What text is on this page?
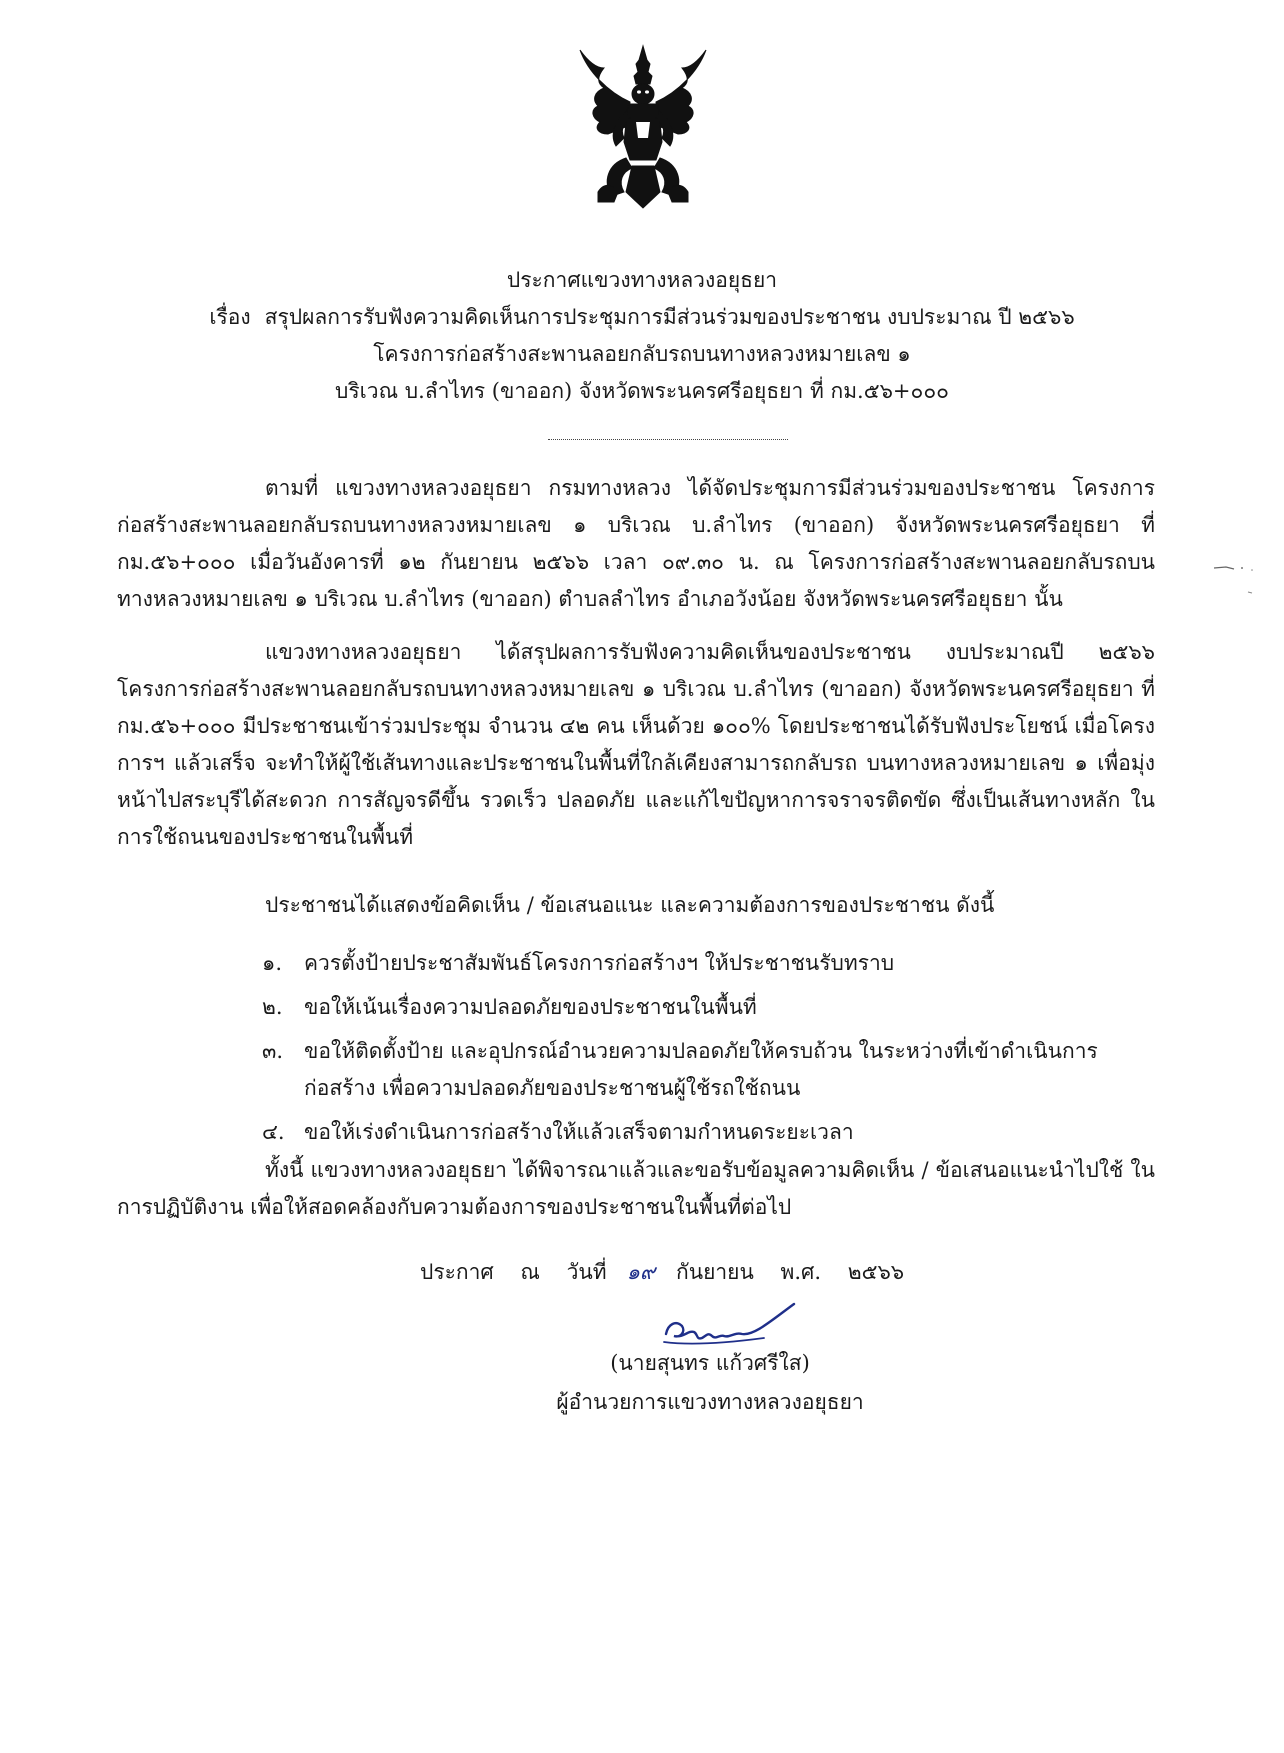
ประกาศแขวงทางหลวงอยุธยา
เรื่อง สรุปผลการรับฟังความคิดเห็นการประชุมการมีส่วนร่วมของประชาชน งบประมาณ ปี ๒๕๖๖
โครงการก่อสร้างสะพานลอยกลับรถบนทางหลวงหมายเลข ๑
บริเวณ บ.ลำไทร (ขาออก) จังหวัดพระนครศรีอยุธยา ที่ กม.๕๖+๐๐๐
ตามที่ แขวงทางหลวงอยุธยา กรมทางหลวง ได้จัดประชุมการมีส่วนร่วมของประชาชน โครงการก่อสร้างสะพานลอยกลับรถบนทางหลวงหมายเลข ๑ บริเวณ บ.ลำไทร (ขาออก) จังหวัดพระนครศรีอยุธยา ที่ กม.๕๖+๐๐๐ เมื่อวันอังคารที่ ๑๒ กันยายน ๒๕๖๖ เวลา ๐๙.๓๐ น. ณ โครงการก่อสร้างสะพานลอยกลับรถบนทางหลวงหมายเลข ๑ บริเวณ บ.ลำไทร (ขาออก) ตำบลลำไทร อำเภอวังน้อย จังหวัดพระนครศรีอยุธยา นั้น
แขวงทางหลวงอยุธยา ได้สรุปผลการรับฟังความคิดเห็นของประชาชน งบประมาณปี ๒๕๖๖ โครงการก่อสร้างสะพานลอยกลับรถบนทางหลวงหมายเลข ๑ บริเวณ บ.ลำไทร (ขาออก) จังหวัดพระนครศรีอยุธยา ที่ กม.๕๖+๐๐๐ มีประชาชนเข้าร่วมประชุม จำนวน ๔๒ คน เห็นด้วย ๑๐๐% โดยประชาชนได้รับฟังประโยชน์ เมื่อโครงการฯ แล้วเสร็จ จะทำให้ผู้ใช้เส้นทางและประชาชนในพื้นที่ใกล้เคียงสามารถกลับรถ บนทางหลวงหมายเลข ๑ เพื่อมุ่งหน้าไปสระบุรีได้สะดวก การสัญจรดีขึ้น รวดเร็ว ปลอดภัย และแก้ไขปัญหาการจราจรติดขัด ซึ่งเป็นเส้นทางหลัก ในการใช้ถนนของประชาชนในพื้นที่
ประชาชนได้แสดงข้อคิดเห็น / ข้อเสนอแนะ และความต้องการของประชาชน ดังนี้
๑. ควรตั้งป้ายประชาสัมพันธ์โครงการก่อสร้างฯ ให้ประชาชนรับทราบ
๒. ขอให้เน้นเรื่องความปลอดภัยของประชาชนในพื้นที่
๓. ขอให้ติดตั้งป้าย และอุปกรณ์อำนวยความปลอดภัยให้ครบถ้วน ในระหว่างที่เข้าดำเนินการ ก่อสร้าง เพื่อความปลอดภัยของประชาชนผู้ใช้รถใช้ถนน
๔. ขอให้เร่งดำเนินการก่อสร้างให้แล้วเสร็จตามกำหนดระยะเวลา
ทั้งนี้ แขวงทางหลวงอยุธยา ได้พิจารณาแล้วและขอรับข้อมูลความคิดเห็น / ข้อเสนอแนะนำไปใช้ ในการปฏิบัติงาน เพื่อให้สอดคล้องกับความต้องการของประชาชนในพื้นที่ต่อไป
ประกาศ ณ วันที่ ๑๙ กันยายน พ.ศ. ๒๕๖๖
(นายสุนทร แก้วศรีใส)
ผู้อำนวยการแขวงทางหลวงอยุธยา
